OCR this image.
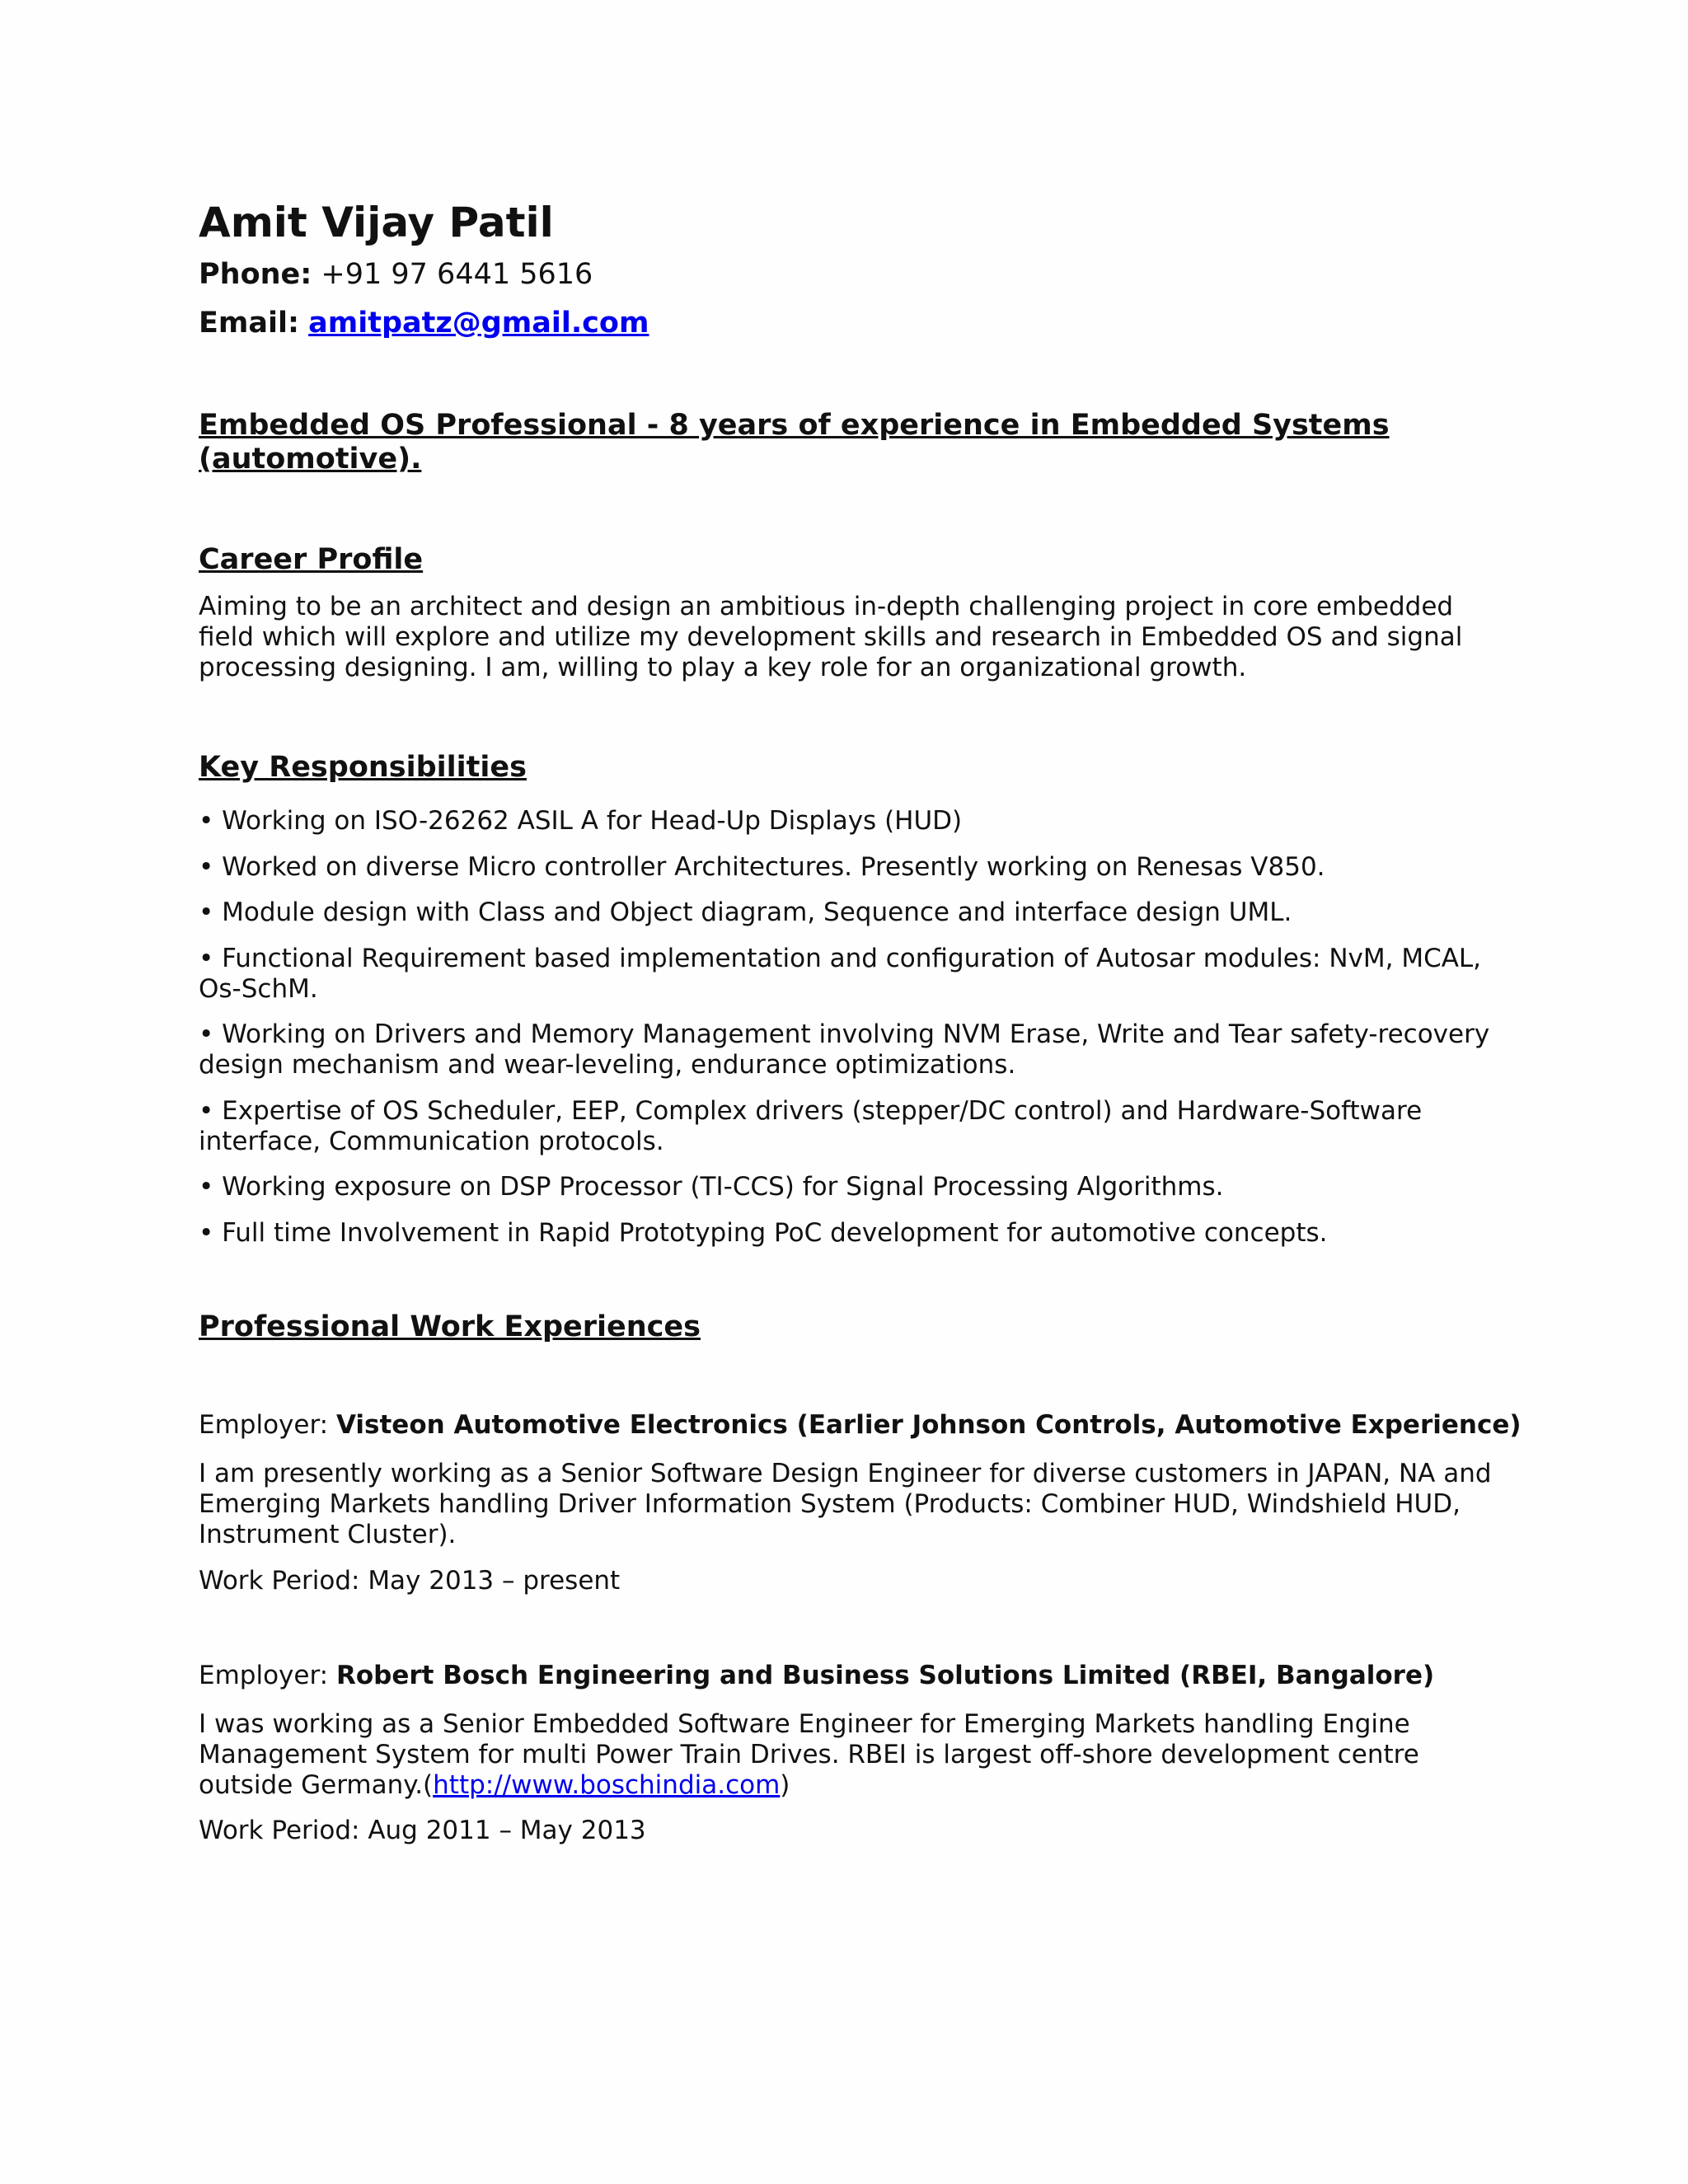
Amit Vijay Patil
Phone: +91 97 6441 5616
Email: amitpatz@gmail.com
Embedded OS Professional - 8 years of experience in Embedded Systems (automotive).
Career Profile
Aiming to be an architect and design an ambitious in-depth challenging project in core embedded field which will explore and utilize my development skills and research in Embedded OS and signal processing designing. I am, willing to play a key role for an organizational growth.
Key Responsibilities
• Working on ISO-26262 ASIL A for Head-Up Displays (HUD)
• Worked on diverse Micro controller Architectures. Presently working on Renesas V850.
• Module design with Class and Object diagram, Sequence and interface design UML.
• Functional Requirement based implementation and configuration of Autosar modules: NvM, MCAL, Os-SchM.
• Working on Drivers and Memory Management involving NVM Erase, Write and Tear safety-recovery design mechanism and wear-leveling, endurance optimizations.
• Expertise of OS Scheduler, EEP, Complex drivers (stepper/DC control) and Hardware-Software interface, Communication protocols.
• Working exposure on DSP Processor (TI-CCS) for Signal Processing Algorithms.
• Full time Involvement in Rapid Prototyping PoC development for automotive concepts.
Professional Work Experiences
Employer: Visteon Automotive Electronics (Earlier Johnson Controls, Automotive Experience)
I am presently working as a Senior Software Design Engineer for diverse customers in JAPAN, NA and Emerging Markets handling Driver Information System (Products: Combiner HUD, Windshield HUD, Instrument Cluster).
Work Period: May 2013 – present
Employer: Robert Bosch Engineering and Business Solutions Limited (RBEI, Bangalore)
I was working as a Senior Embedded Software Engineer for Emerging Markets handling Engine Management System for multi Power Train Drives. RBEI is largest off-shore development centre outside Germany.(http://www.boschindia.com)
Work Period: Aug 2011 – May 2013
